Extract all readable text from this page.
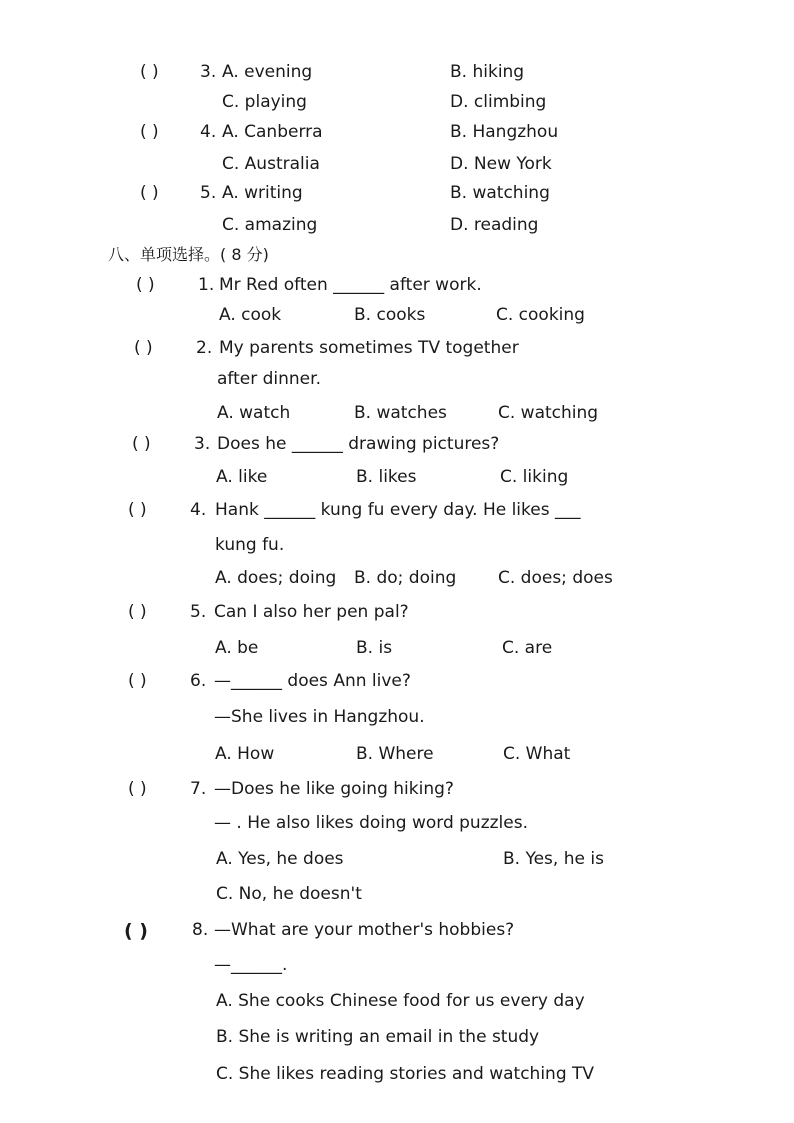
( ) 3. A. evening	B. hiking
C. playing	D. climbing
( ) 4. A. Canberra	B. Hangzhou
C. Australia	D. New York
( ) 5. A. writing	B. watching
C. amazing	D. reading
八、单项选择。( 8 分)
( )	1. Mr Red often ______ after work.
A. cook	B. cooks	C. cooking
( )	2. My parents sometimes TV together
after dinner.
A. watch	B. watches	C. watching
( )	3. Does he ______ drawing pictures?
A. like	B. likes	C. liking
( )	4. Hank ______ kung fu every day. He likes ___
kung fu.
A. does; doing B. do; doing C. does; does
( )	5. Can I also her pen pal?
A. be	B. is	C. are
( )	6. —______ does Ann live?
—She lives in Hangzhou.
A. How	B. Where	C. What
( )	7. —Does he like going hiking?
— . He also likes doing word puzzles.
A. Yes, he does	B. Yes, he is
C. No, he doesn't
( )	8. —What are your mother's hobbies?
—______.
A. She cooks Chinese food for us every day
B. She is writing an email in the study
C. She likes reading stories and watching TV
